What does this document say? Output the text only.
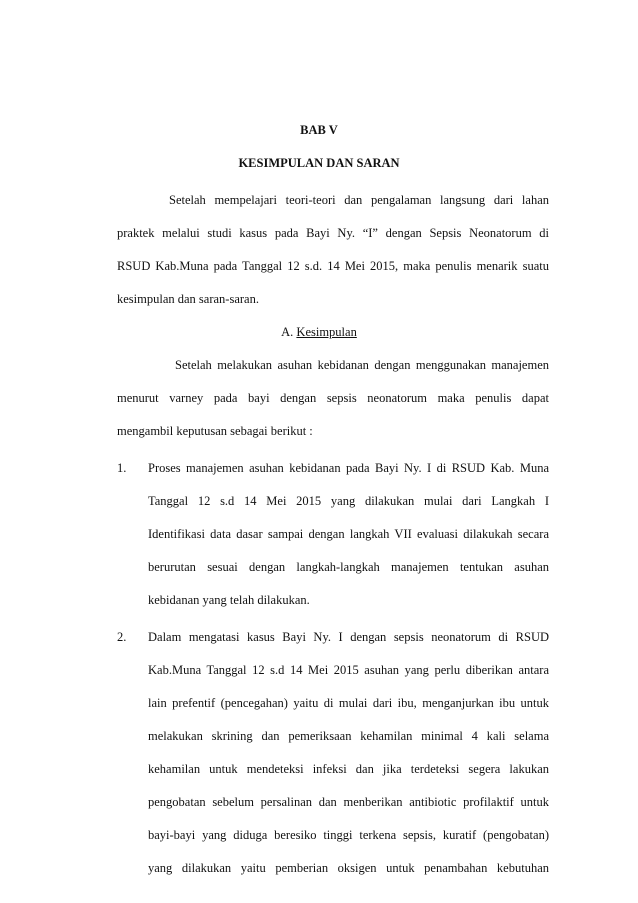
BAB V
KESIMPULAN DAN SARAN
Setelah mempelajari teori-teori dan pengalaman langsung dari lahan
praktek melalui studi kasus pada Bayi Ny. “I” dengan Sepsis Neonatorum di
RSUD Kab.Muna pada Tanggal 12 s.d. 14 Mei 2015, maka penulis menarik suatu
kesimpulan dan saran-saran.
A. Kesimpulan
Setelah melakukan asuhan kebidanan dengan menggunakan manajemen
menurut varney pada bayi dengan sepsis neonatorum maka penulis dapat
mengambil keputusan sebagai berikut :
1. Proses manajemen asuhan kebidanan pada Bayi Ny. I di RSUD Kab. Muna
Tanggal 12 s.d 14 Mei 2015 yang dilakukan mulai dari Langkah I
Identifikasi data dasar sampai dengan langkah VII evaluasi dilakukah secara
berurutan sesuai dengan langkah-langkah manajemen tentukan asuhan
kebidanan yang telah dilakukan.
2. Dalam mengatasi kasus Bayi Ny. I dengan sepsis neonatorum di RSUD
Kab.Muna Tanggal 12 s.d 14 Mei 2015 asuhan yang perlu diberikan antara
lain prefentif (pencegahan) yaitu di mulai dari ibu, menganjurkan ibu untuk
melakukan skrining dan pemeriksaan kehamilan minimal 4 kali selama
kehamilan untuk mendeteksi infeksi dan jika terdeteksi segera lakukan
pengobatan sebelum persalinan dan menberikan antibiotic profilaktif untuk
bayi-bayi yang diduga beresiko tinggi terkena sepsis, kuratif (pengobatan)
yang dilakukan yaitu pemberian oksigen untuk penambahan kebutuhan
